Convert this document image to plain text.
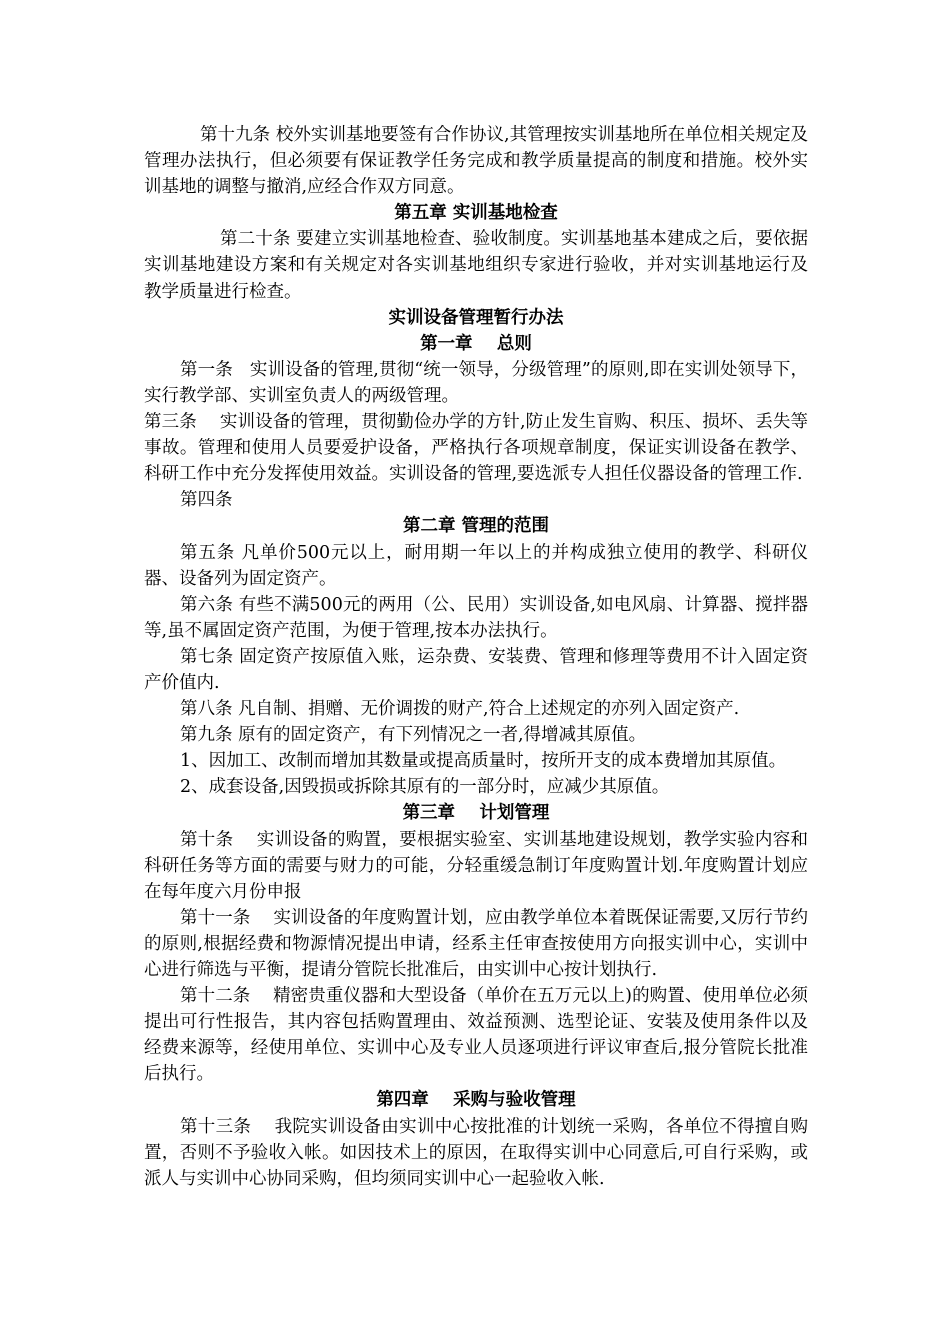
第十九条 校外实训基地要签有合作协议,其管理按实训基地所在单位相关规定及管理办法执行，但必须要有保证教学任务完成和教学质量提高的制度和措施。校外实训基地的调整与撤消,应经合作双方同意。

第五章 实训基地检查

第二十条 要建立实训基地检查、验收制度。实训基地基本建成之后，要依据实训基地建设方案和有关规定对各实训基地组织专家进行验收，并对实训基地运行及教学质量进行检查。

实训设备管理暂行办法

第一章    总则

第一条   实训设备的管理,贯彻“统一领导，分级管理”的原则,即在实训处领导下，实行教学部、实训室负责人的两级管理。

第三条    实训设备的管理，贯彻勤俭办学的方针,防止发生盲购、积压、损坏、丢失等事故。管理和使用人员要爱护设备，严格执行各项规章制度，保证实训设备在教学、科研工作中充分发挥使用效益。实训设备的管理,要选派专人担任仪器设备的管理工作.

第四条

第二章 管理的范围

第五条 凡单价500元以上，耐用期一年以上的并构成独立使用的教学、科研仪器、设备列为固定资产。

第六条 有些不满500元的两用（公、民用）实训设备,如电风扇、计算器、搅拌器等,虽不属固定资产范围，为便于管理,按本办法执行。

第七条 固定资产按原值入账，运杂费、安装费、管理和修理等费用不计入固定资产价值内.

第八条 凡自制、捐赠、无价调拨的财产,符合上述规定的亦列入固定资产.

第九条 原有的固定资产，有下列情况之一者,得增减其原值。

1、因加工、改制而增加其数量或提高质量时，按所开支的成本费增加其原值。

2、成套设备,因毁损或拆除其原有的一部分时，应减少其原值。

第三章    计划管理

第十条    实训设备的购置，要根据实验室、实训基地建设规划，教学实验内容和科研任务等方面的需要与财力的可能，分轻重缓急制订年度购置计划.年度购置计划应在每年度六月份申报

第十一条    实训设备的年度购置计划，应由教学单位本着既保证需要,又厉行节约的原则,根据经费和物源情况提出申请，经系主任审查按使用方向报实训中心，实训中心进行筛选与平衡，提请分管院长批准后，由实训中心按计划执行.

第十二条    精密贵重仪器和大型设备（单价在五万元以上)的购置、使用单位必须提出可行性报告，其内容包括购置理由、效益预测、选型论证、安装及使用条件以及经费来源等，经使用单位、实训中心及专业人员逐项进行评议审查后,报分管院长批准后执行。

第四章    采购与验收管理

第十三条    我院实训设备由实训中心按批准的计划统一采购，各单位不得擅自购置，否则不予验收入帐。如因技术上的原因，在取得实训中心同意后,可自行采购，或派人与实训中心协同采购，但均须同实训中心一起验收入帐.
